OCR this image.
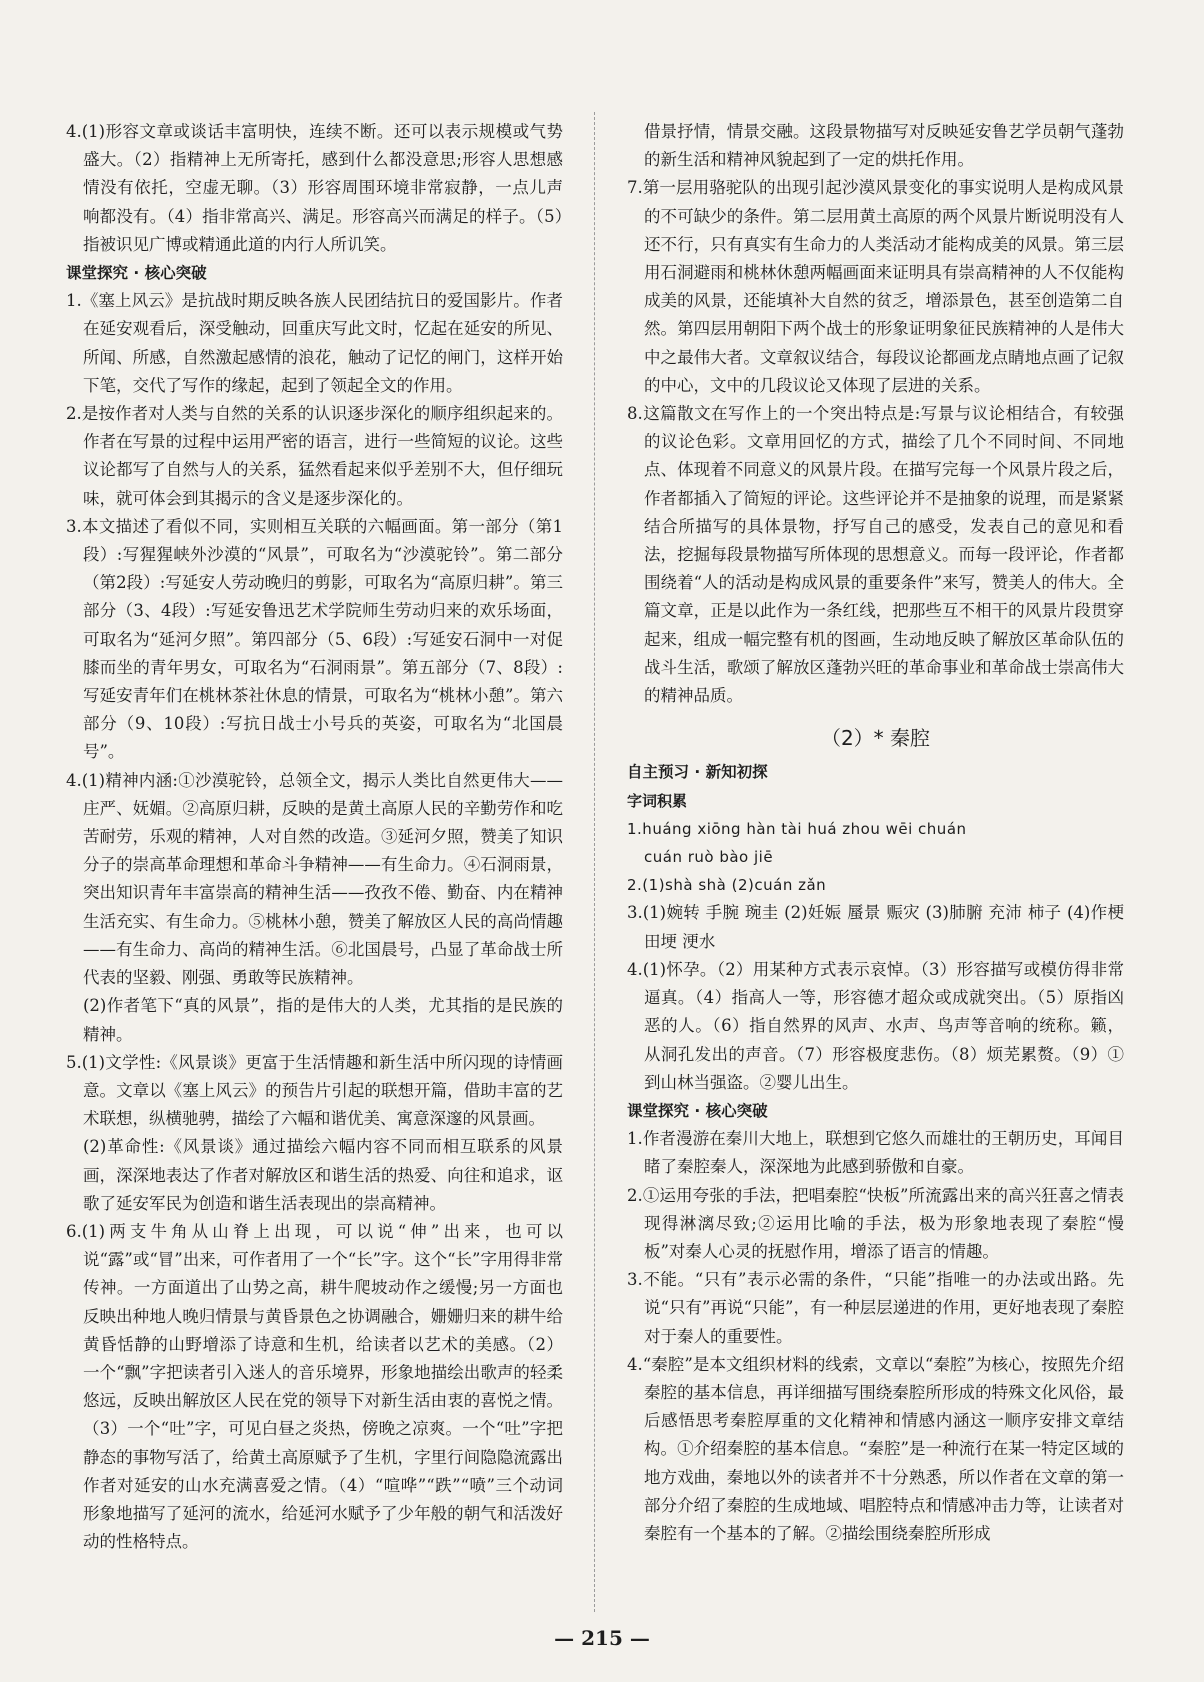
4.(1)形容文章或谈话丰富明快，连续不断。还可以表示规模或气势盛大。（2）指精神上无所寄托，感到什么都没意思;形容人思想感情没有依托，空虚无聊。（3）形容周围环境非常寂静，一点儿声响都没有。（4）指非常高兴、满足。形容高兴而满足的样子。（5）指被识见广博或精通此道的内行人所讥笑。

课堂探究 · 核心突破

1.《塞上风云》是抗战时期反映各族人民团结抗日的爱国影片。作者在延安观看后，深受触动，回重庆写此文时，忆起在延安的所见、所闻、所感，自然激起感情的浪花，触动了记忆的闸门，这样开始下笔，交代了写作的缘起，起到了领起全文的作用。

2.是按作者对人类与自然的关系的认识逐步深化的顺序组织起来的。作者在写景的过程中运用严密的语言，进行一些简短的议论。这些议论都写了自然与人的关系，猛然看起来似乎差别不大，但仔细玩味，就可体会到其揭示的含义是逐步深化的。

3.本文描述了看似不同，实则相互关联的六幅画面。第一部分（第1段）:写猩猩峡外沙漠的“风景”，可取名为“沙漠驼铃”。第二部分（第2段）:写延安人劳动晚归的剪影，可取名为“高原归耕”。第三部分（3、4段）:写延安鲁迅艺术学院师生劳动归来的欢乐场面，可取名为“延河夕照”。第四部分（5、6段）:写延安石洞中一对促膝而坐的青年男女，可取名为“石洞雨景”。第五部分（7、8段）:写延安青年们在桃林茶社休息的情景，可取名为“桃林小憩”。第六部分（9、10段）:写抗日战士小号兵的英姿，可取名为“北国晨号”。

4.(1)精神内涵:①沙漠驼铃，总领全文，揭示人类比自然更伟大——庄严、妩媚。②高原归耕，反映的是黄土高原人民的辛勤劳作和吃苦耐劳，乐观的精神，人对自然的改造。③延河夕照，赞美了知识分子的崇高革命理想和革命斗争精神——有生命力。④石洞雨景，突出知识青年丰富崇高的精神生活——孜孜不倦、勤奋、内在精神生活充实、有生命力。⑤桃林小憩，赞美了解放区人民的高尚情趣——有生命力、高尚的精神生活。⑥北国晨号，凸显了革命战士所代表的坚毅、刚强、勇敢等民族精神。

(2)作者笔下“真的风景”，指的是伟大的人类，尤其指的是民族的精神。

5.(1)文学性:《风景谈》更富于生活情趣和新生活中所闪现的诗情画意。文章以《塞上风云》的预告片引起的联想开篇，借助丰富的艺术联想，纵横驰骋，描绘了六幅和谐优美、寓意深邃的风景画。

(2)革命性:《风景谈》通过描绘六幅内容不同而相互联系的风景画，深深地表达了作者对解放区和谐生活的热爱、向往和追求，讴歌了延安军民为创造和谐生活表现出的崇高精神。

6.(1)两支牛角从山脊上出现，可以说“伸”出来，也可以说“露”或“冒”出来，可作者用了一个“长”字。这个“长”字用得非常传神。一方面道出了山势之高，耕牛爬坡动作之缓慢;另一方面也反映出种地人晚归情景与黄昏景色之协调融合，姗姗归来的耕牛给黄昏恬静的山野增添了诗意和生机，给读者以艺术的美感。（2）一个“飘”字把读者引入迷人的音乐境界，形象地描绘出歌声的轻柔悠远，反映出解放区人民在党的领导下对新生活由衷的喜悦之情。（3）一个“吐”字，可见白昼之炎热，傍晚之凉爽。一个“吐”字把静态的事物写活了，给黄土高原赋予了生机，字里行间隐隐流露出作者对延安的山水充满喜爱之情。（4）“喧哗”“跌”“喷”三个动词形象地描写了延河的流水，给延河水赋予了少年般的朝气和活泼好动的性格特点。

借景抒情，情景交融。这段景物描写对反映延安鲁艺学员朝气蓬勃的新生活和精神风貌起到了一定的烘托作用。

7.第一层用骆驼队的出现引起沙漠风景变化的事实说明人是构成风景的不可缺少的条件。第二层用黄土高原的两个风景片断说明没有人还不行，只有真实有生命力的人类活动才能构成美的风景。第三层用石洞避雨和桃林休憩两幅画面来证明具有崇高精神的人不仅能构成美的风景，还能填补大自然的贫乏，增添景色，甚至创造第二自然。第四层用朝阳下两个战士的形象证明象征民族精神的人是伟大中之最伟大者。文章叙议结合，每段议论都画龙点睛地点画了记叙的中心，文中的几段议论又体现了层进的关系。

8.这篇散文在写作上的一个突出特点是:写景与议论相结合，有较强的议论色彩。文章用回忆的方式，描绘了几个不同时间、不同地点、体现着不同意义的风景片段。在描写完每一个风景片段之后，作者都插入了简短的评论。这些评论并不是抽象的说理，而是紧紧结合所描写的具体景物，抒写自己的感受，发表自己的意见和看法，挖掘每段景物描写所体现的思想意义。而每一段评论，作者都围绕着“人的活动是构成风景的重要条件”来写，赞美人的伟大。全篇文章，正是以此作为一条红线，把那些互不相干的风景片段贯穿起来，组成一幅完整有机的图画，生动地反映了解放区革命队伍的战斗生活，歌颂了解放区蓬勃兴旺的革命事业和革命战士崇高伟大的精神品质。

（2）* 秦腔

自主预习 · 新知初探

字词积累

1.huáng xiōng hàn tài huá zhou wēi chuán

cuán ruò bào jiē

2.(1)shà shà (2)cuán zǎn

3.(1)婉转 手腕 琬圭 (2)妊娠 蜃景 赈灾 (3)肺腑 充沛 柿子 (4)作梗 田埂 浭水

4.(1)怀孕。（2）用某种方式表示哀悼。（3）形容描写或模仿得非常逼真。（4）指高人一等，形容德才超众或成就突出。（5）原指凶恶的人。（6）指自然界的风声、水声、鸟声等音响的统称。籁，从洞孔发出的声音。（7）形容极度悲伤。（8）烦芜累赘。（9）①到山林当强盗。②婴儿出生。

课堂探究 · 核心突破

1.作者漫游在秦川大地上，联想到它悠久而雄壮的王朝历史，耳闻目睹了秦腔秦人，深深地为此感到骄傲和自豪。

2.①运用夸张的手法，把唱秦腔“快板”所流露出来的高兴狂喜之情表现得淋漓尽致;②运用比喻的手法，极为形象地表现了秦腔“慢板”对秦人心灵的抚慰作用，增添了语言的情趣。

3.不能。“只有”表示必需的条件，“只能”指唯一的办法或出路。先说“只有”再说“只能”，有一种层层递进的作用，更好地表现了秦腔对于秦人的重要性。

4.“秦腔”是本文组织材料的线索，文章以“秦腔”为核心，按照先介绍秦腔的基本信息，再详细描写围绕秦腔所形成的特殊文化风俗，最后感悟思考秦腔厚重的文化精神和情感内涵这一顺序安排文章结构。①介绍秦腔的基本信息。“秦腔”是一种流行在某一特定区域的地方戏曲，秦地以外的读者并不十分熟悉，所以作者在文章的第一部分介绍了秦腔的生成地域、唱腔特点和情感冲击力等，让读者对秦腔有一个基本的了解。②描绘围绕秦腔所形成

— 215 —
